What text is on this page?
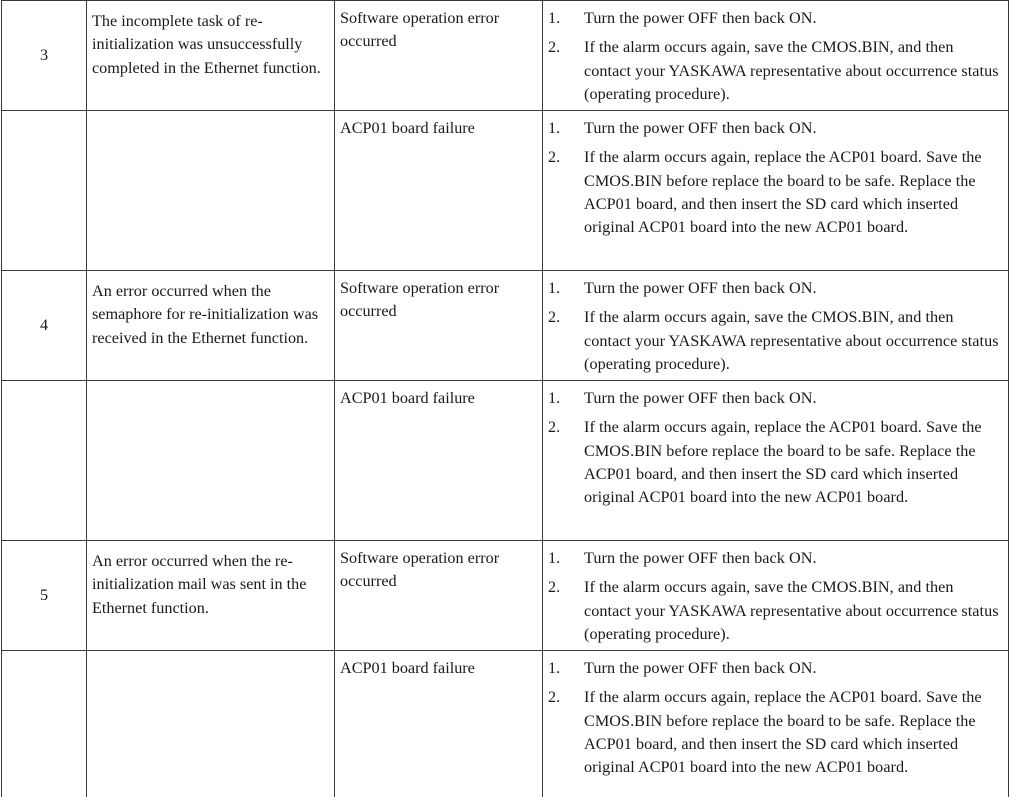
3	The incomplete task of re-initialization was unsuccessfully completed in the Ethernet function.	Software operation error occurred	1. Turn the power OFF then back ON.
2. If the alarm occurs again, save the CMOS.BIN, and then contact your YASKAWA representative about occurrence status (operating procedure).

		ACP01 board failure	1. Turn the power OFF then back ON.
2. If the alarm occurs again, replace the ACP01 board. Save the CMOS.BIN before replace the board to be safe. Replace the ACP01 board, and then insert the SD card which inserted original ACP01 board into the new ACP01 board.

4	An error occurred when the semaphore for re-initialization was received in the Ethernet function.	Software operation error occurred	1. Turn the power OFF then back ON.
2. If the alarm occurs again, save the CMOS.BIN, and then contact your YASKAWA representative about occurrence status (operating procedure).

		ACP01 board failure	1. Turn the power OFF then back ON.
2. If the alarm occurs again, replace the ACP01 board. Save the CMOS.BIN before replace the board to be safe. Replace the ACP01 board, and then insert the SD card which inserted original ACP01 board into the new ACP01 board.

5	An error occurred when the re-initialization mail was sent in the Ethernet function.	Software operation error occurred	1. Turn the power OFF then back ON.
2. If the alarm occurs again, save the CMOS.BIN, and then contact your YASKAWA representative about occurrence status (operating procedure).

		ACP01 board failure	1. Turn the power OFF then back ON.
2. If the alarm occurs again, replace the ACP01 board. Save the CMOS.BIN before replace the board to be safe. Replace the ACP01 board, and then insert the SD card which inserted original ACP01 board into the new ACP01 board.
